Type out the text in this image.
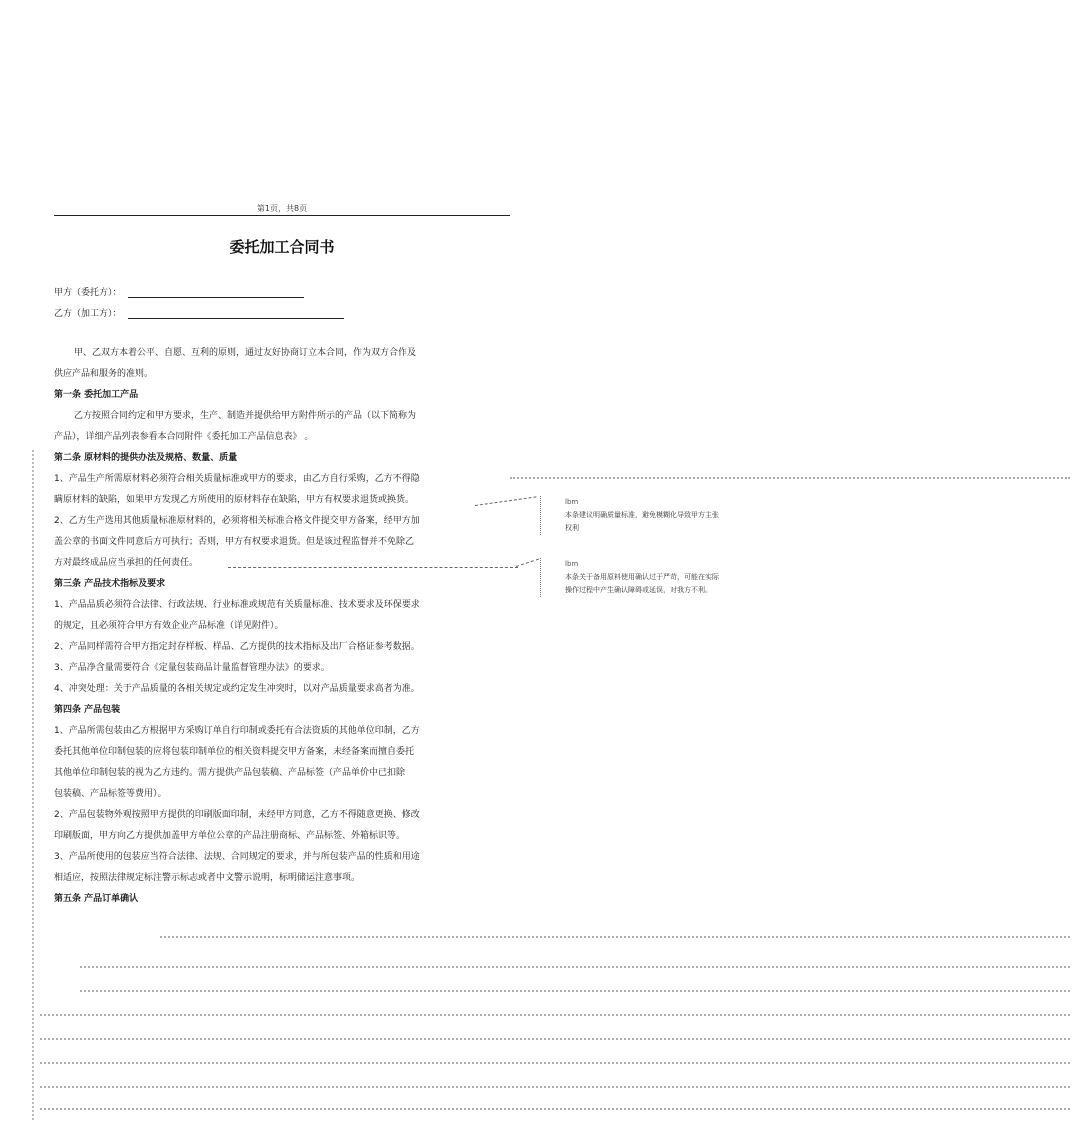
第1页，共8页
委托加工合同书
甲方（委托方）：
乙方（加工方）：

甲、乙双方本着公平、自愿、互利的原则，通过友好协商订立本合同，作为双方合作及

供应产品和服务的准则。

第一条 委托加工产品

乙方按照合同约定和甲方要求，生产、制造并提供给甲方附件所示的产品（以下简称为

产品），详细产品列表参看本合同附件《委托加工产品信息表》 。

第二条 原材料的提供办法及规格、数量、质量

1、产品生产所需原材料必须符合相关质量标准或甲方的要求，由乙方自行采购，乙方不得隐

瞒原材料的缺陷，如果甲方发现乙方所使用的原材料存在缺陷，甲方有权要求退货或换货。

2、乙方生产选用其他质量标准原材料的，必须将相关标准合格文件提交甲方备案，经甲方加

盖公章的书面文件同意后方可执行；否则，甲方有权要求退货。但是该过程监督并不免除乙

方对最终成品应当承担的任何责任。

第三条 产品技术指标及要求

1、产品品质必须符合法律、行政法规、行业标准或规范有关质量标准、技术要求及环保要求

的规定，且必须符合甲方有效企业产品标准（详见附件）。

2、产品同样需符合甲方指定封存样板、样品、乙方提供的技术指标及出厂合格证参考数据。

3、产品净含量需要符合《定量包装商品计量监督管理办法》的要求。

4、冲突处理：关于产品质量的各相关规定或约定发生冲突时，以对产品质量要求高者为准。

第四条 产品包装

1、产品所需包装由乙方根据甲方采购订单自行印制或委托有合法资质的其他单位印制，乙方

委托其他单位印制包装的应将包装印制单位的相关资料提交甲方备案，未经备案而擅自委托

其他单位印制包装的视为乙方违约。需方提供产品包装稿、产品标签（产品单价中已扣除

包装稿、产品标签等费用）。

2、产品包装物外观按照甲方提供的印刷版面印制，未经甲方同意，乙方不得随意更换、修改

印刷版面，甲方向乙方提供加盖甲方单位公章的产品注册商标、产品标签、外箱标识等。

3、产品所使用的包装应当符合法律、法规、合同规定的要求，并与所包装产品的性质和用途

相适应，按照法律规定标注警示标志或者中文警示说明，标明储运注意事项。

第五条 产品订单确认

lbm
本条建议明确质量标准，避免模糊化导致甲方主张
权利
lbm
本条关于备用原料使用确认过于严苛，可能在实际
操作过程中产生确认障碍或延误，对我方不利。
